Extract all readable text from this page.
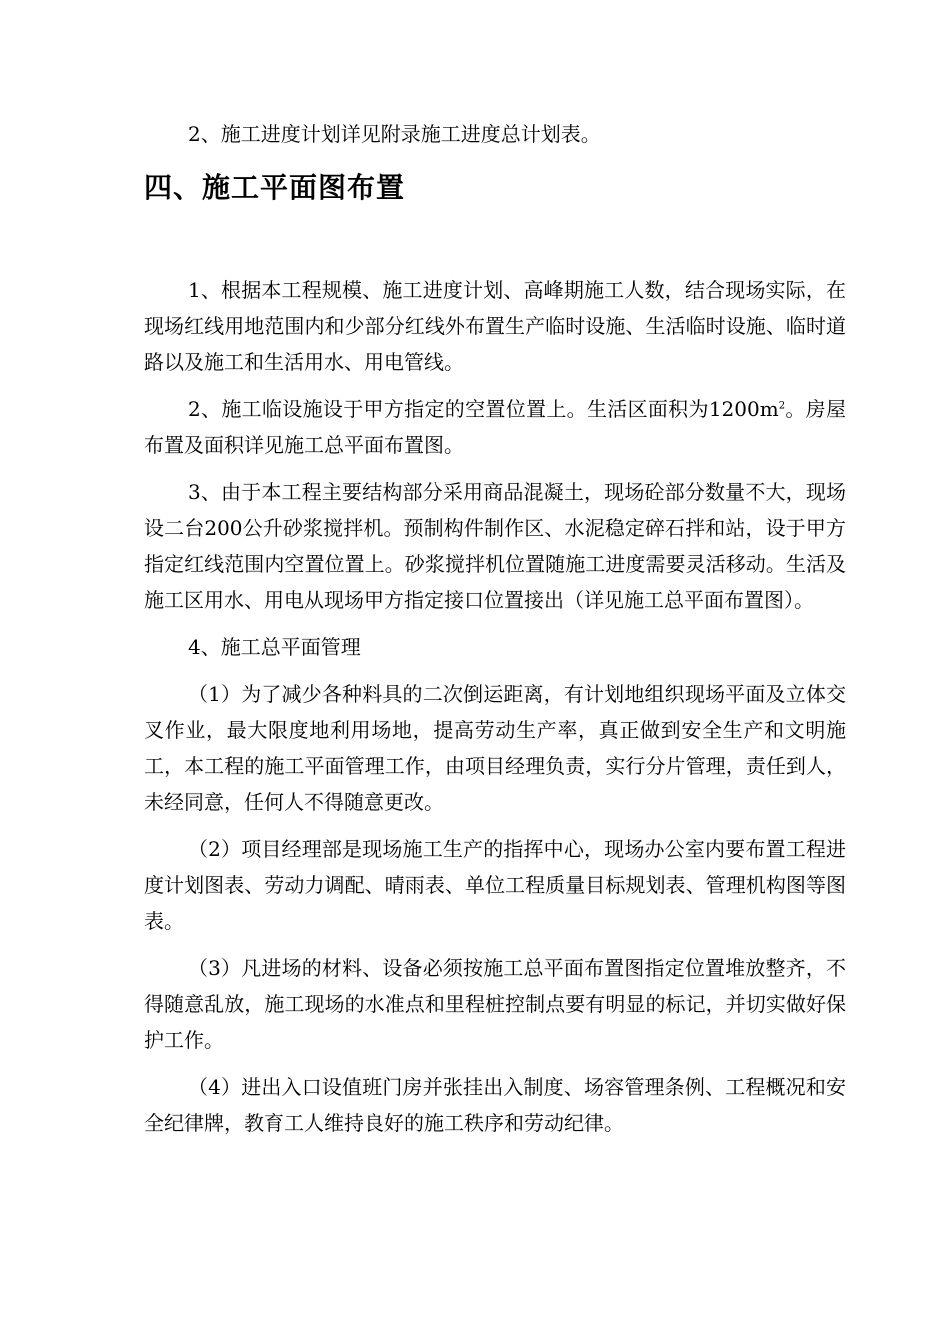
2、施工进度计划详见附录施工进度总计划表。

四、施工平面图布置

1、根据本工程规模、施工进度计划、高峰期施工人数，结合现场实际，在现场红线用地范围内和少部分红线外布置生产临时设施、生活临时设施、临时道路以及施工和生活用水、用电管线。

2、施工临设施设于甲方指定的空置位置上。生活区面积为$1200m^2$。房屋布置及面积详见施工总平面布置图。

3、由于本工程主要结构部分采用商品混凝土，现场砼部分数量不大，现场设二台200公升砂浆搅拌机。预制构件制作区、水泥稳定碎石拌和站，设于甲方指定红线范围内空置位置上。砂浆搅拌机位置随施工进度需要灵活移动。生活及施工区用水、用电从现场甲方指定接口位置接出（详见施工总平面布置图）。

4、施工总平面管理

（1）为了减少各种料具的二次倒运距离，有计划地组织现场平面及立体交叉作业，最大限度地利用场地，提高劳动生产率，真正做到安全生产和文明施工，本工程的施工平面管理工作，由项目经理负责，实行分片管理，责任到人，未经同意，任何人不得随意更改。

（2）项目经理部是现场施工生产的指挥中心，现场办公室内要布置工程进度计划图表、劳动力调配、晴雨表、单位工程质量目标规划表、管理机构图等图表。

（3）凡进场的材料、设备必须按施工总平面布置图指定位置堆放整齐，不得随意乱放，施工现场的水准点和里程桩控制点要有明显的标记，并切实做好保护工作。

（4）进出入口设值班门房并张挂出入制度、场容管理条例、工程概况和安全纪律牌，教育工人维持良好的施工秩序和劳动纪律。
